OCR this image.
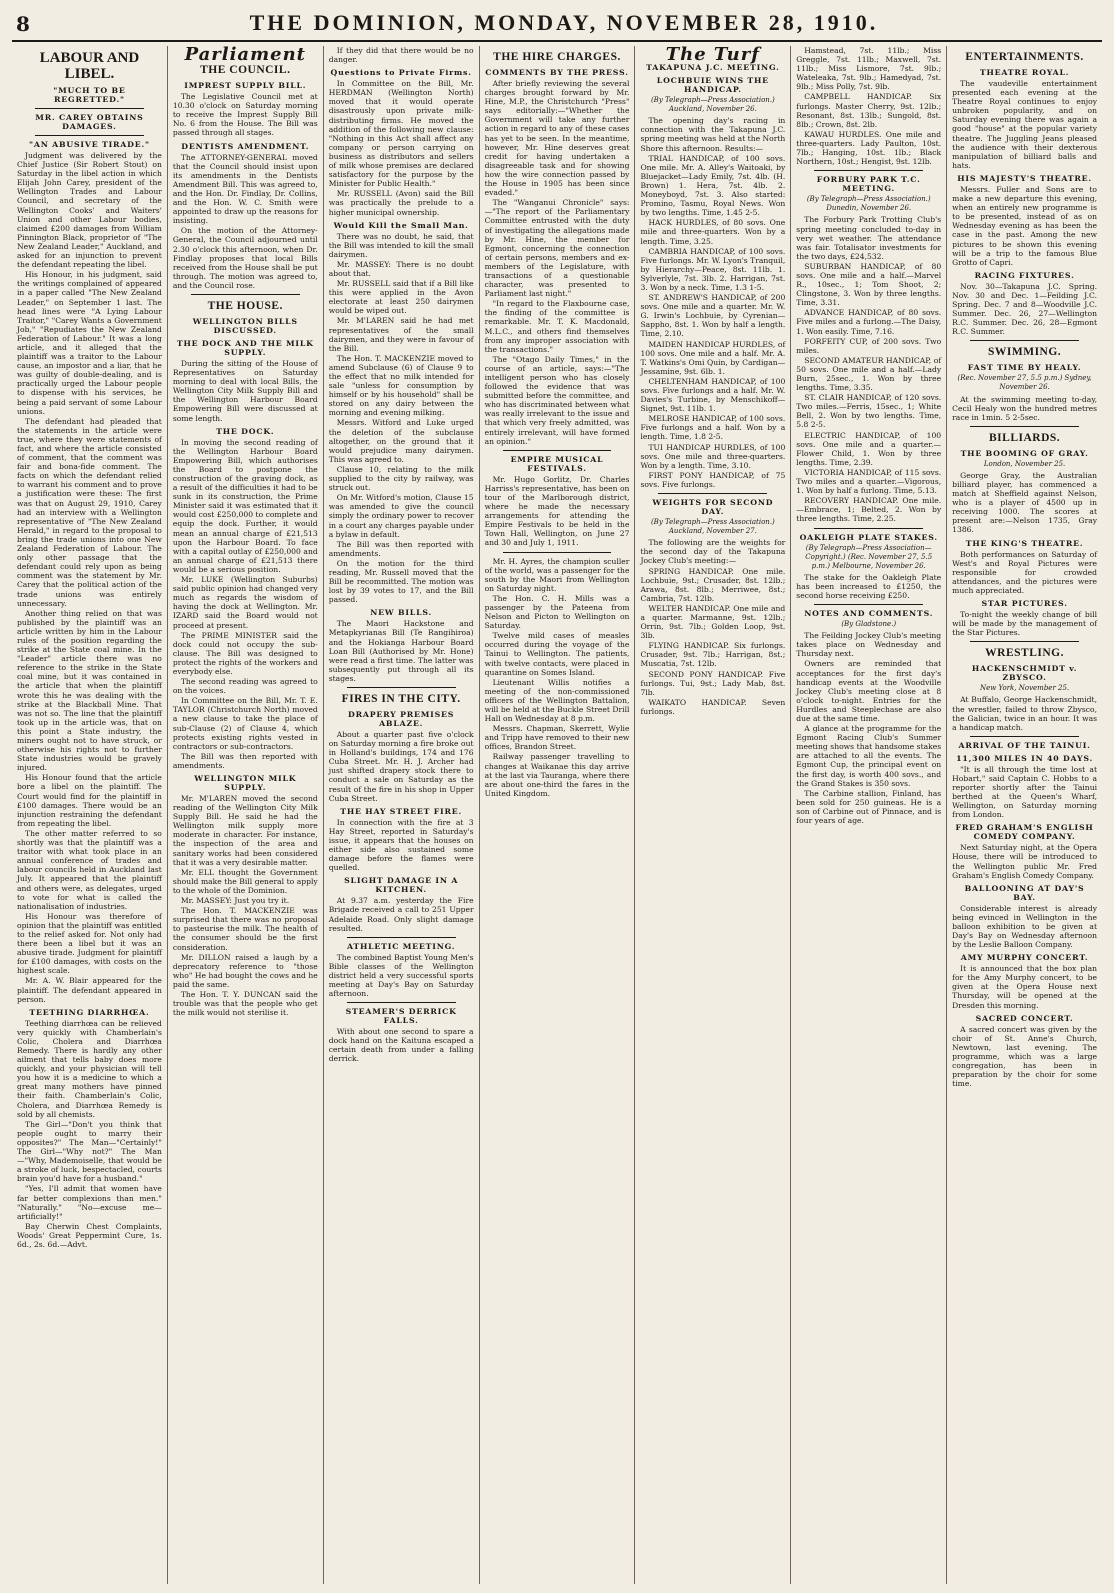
8	THE DOMINION, MONDAY, NOVEMBER 28, 1910.
LABOUR AND LIBEL.
"MUCH TO BE REGRETTED."
MR. CAREY OBTAINS DAMAGES.
"AN ABUSIVE TIRADE."

Judgment was delivered by the Chief Justice (Sir Robert Stout) on Saturday in the libel action in which Elijah John Carey, president of the Wellington Trades and Labour Council, and secretary of the Wellington Cooks' and Waiters' Union and other Labour bodies, claimed £200 damages from William Pinnington Black, proprietor of "The New Zealand Leader," Auckland, and asked for an injunction to prevent the defendant repeating the libel.

His Honour, in his judgment, said the writings complained of appeared in a paper called "The New Zealand Leader," on September 1 last. The head lines were "A Lying Labour Traitor," "Carey Wants a Government Job," "Repudiates the New Zealand Federation of Labour." It was a long article, and it alleged that the plaintiff was a traitor to the Labour cause, an impostor and a liar, that he was guilty of double-dealing, and is practically urged the Labour people to dispense with his services, he being a paid servant of some Labour unions.

The defendant had pleaded that the statements in the article were true, where they were statements of fact, and where the article consisted of comment, that the comment was fair and bona-fide comment. The facts on which the defendant relied to warrant his comment and to prove a justification were these: The first was that on August 29, 1910, Carey had an interview with a Wellington representative of "The New Zealand Herald," in regard to the proposal to bring the trade unions into one New Zealand Federation of Labour. The only other passage that the defendant could rely upon as being comment was the statement by Mr. Carey that the political action of the trade unions was entirely unnecessary.

Another thing relied on that was published by the plaintiff was an article written by him in the Labour rules of the position regarding the strike at the State coal mine. In the "Leader" article there was no reference to the strike in the State coal mine, but it was contained in the article that when the plaintiff wrote this he was dealing with the strike at the Blackball Mine. That was not so. The line that the plaintiff took up in the article was, that on this point a State industry, the miners ought not to have struck, or otherwise his rights not to further State industries would be gravely injured.

His Honour found that the article bore a libel on the plaintiff. The Court would find for the plaintiff in £100 damages. There would be an injunction restraining the defendant from repeating the libel.

The other matter referred to so shortly was that the plaintiff was a traitor with what took place in an annual conference of trades and labour councils held in Auckland last July. It appeared that the plaintiff and others were, as delegates, urged to vote for what is called the nationalisation of industries.

His Honour was therefore of opinion that the plaintiff was entitled to the relief asked for. Not only had there been a libel but it was an abusive tirade. Judgment for plaintiff for £100 damages, with costs on the highest scale.

Mr. A. W. Blair appeared for the plaintiff. The defendant appeared in person.

TEETHING DIARRHŒA.

Teething diarrhœa can be relieved very quickly with Chamberlain's Colic, Cholera and Diarrhœa Remedy. There is hardly any other ailment that tells baby does more quickly, and your physician will tell you how it is a medicine to which a great many mothers have pinned their faith. Chamberlain's Colic, Cholera, and Diarrhœa Remedy is sold by all chemists.

The Girl—"Don't you think that people ought to marry their opposites?" The Man—"Certainly!" The Girl—"Why not?" The Man—"Why, Mademoiselle, that would be a stroke of luck, bespectacled, courts brain you'd have for a husband."

"Yes, I'll admit that women have far better complexions than men." "Naturally." "No—excuse me—artificially!"

Bay Cherwin Chest Complaints, Woods' Great Peppermint Cure, 1s. 6d., 2s. 6d.—Advt.

Parliament
THE COUNCIL.
IMPREST SUPPLY BILL.

The Legislative Council met at 10.30 o'clock on Saturday morning to receive the Imprest Supply Bill No. 6 from the House. The Bill was passed through all stages.

DENTISTS AMENDMENT.

The ATTORNEY-GENERAL moved that the Council should insist upon its amendments in the Dentists Amendment Bill. This was agreed to, and the Hon. Dr. Findlay, Dr. Collins, and the Hon. W. C. Smith were appointed to draw up the reasons for insisting.

On the motion of the Attorney-General, the Council adjourned until 2.30 o'clock this afternoon, when Dr. Findlay proposes that local Bills received from the House shall be put through. The motion was agreed to, and the Council rose.

THE HOUSE.
WELLINGTON BILLS DISCUSSED.
THE DOCK AND THE MILK SUPPLY.

During the sitting of the House of Representatives on Saturday morning to deal with local Bills, the Wellington City Milk Supply Bill and the Wellington Harbour Board Empowering Bill were discussed at some length.

THE DOCK.

In moving the second reading of the Wellington Harbour Board Empowering Bill, which authorises the Board to postpone the construction of the graving dock, as a result of the difficulties it had to be sunk in its construction, the Prime Minister said it was estimated that it would cost £250,000 to complete and equip the dock. Further, it would mean an annual charge of £21,513 upon the Harbour Board. To face with a capital outlay of £250,000 and an annual charge of £21,513 there would be a serious position.

Mr. LUKE (Wellington Suburbs) said public opinion had changed very much as regards the wisdom of having the dock at Wellington. Mr. IZARD said the Board would not proceed at present.

The PRIME MINISTER said the dock could not occupy the sub-clause. The Bill was designed to protect the rights of the workers and everybody else.

The second reading was agreed to on the voices.

In Committee on the Bill, Mr. T. E. TAYLOR (Christchurch North) moved a new clause to take the place of sub-Clause (2) of Clause 4, which protects existing rights vested in contractors or sub-contractors.

The Bill was then reported with amendments.

WELLINGTON MILK SUPPLY.

Mr. M'LAREN moved the second reading of the Wellington City Milk Supply Bill. He said he had the Wellington milk supply more moderate in character. For instance, the inspection of the area and sanitary works had been considered that it was a very desirable matter.

Mr. ELL thought the Government should make the Bill general to apply to the whole of the Dominion.

Mr. MASSEY: Just you try it.

The Hon. T. MACKENZIE was surprised that there was no proposal to pasteurise the milk. The health of the consumer should be the first consideration.

Mr. DILLON raised a laugh by a deprecatory reference to "those who" He had bought the cows and he paid the same.

The Hon. T. Y. DUNCAN said the trouble was that the people who get the milk would not sterilise it.

If they did that there would be no danger.

Questions to Private Firms.

In Committee on the Bill, Mr. HERDMAN (Wellington North) moved that it would operate disastrously upon private milk-distributing firms. He moved the addition of the following new clause: "Nothing in this Act shall affect any company or person carrying on business as distributors and sellers of milk whose premises are declared satisfactory for the purpose by the Minister for Public Health."

Mr. RUSSELL (Avon) said the Bill was practically the prelude to a higher municipal ownership.

Would Kill the Small Man.

There was no doubt, he said, that the Bill was intended to kill the small dairymen.

Mr. MASSEY: There is no doubt about that.

Mr. RUSSELL said that if a Bill like this were applied in the Avon electorate at least 250 dairymen would be wiped out.

Mr. M'LAREN said he had met representatives of the small dairymen, and they were in favour of the Bill.

The Hon. T. MACKENZIE moved to amend Subclause (6) of Clause 9 to the effect that no milk intended for sale "unless for consumption by himself or by his household" shall be stored on any dairy between the morning and evening milking.

Messrs. Witford and Luke urged the deletion of the subclause altogether, on the ground that it would prejudice many dairymen. This was agreed to.

Clause 10, relating to the milk supplied to the city by railway, was struck out.

On Mr. Witford's motion, Clause 15 was amended to give the council simply the ordinary power to recover in a court any charges payable under a bylaw in default.

The Bill was then reported with amendments.

On the motion for the third reading, Mr. Russell moved that the Bill be recommitted. The motion was lost by 39 votes to 17, and the Bill passed.

NEW BILLS.

The Maori Hackstone and Metapkyrianas Bill (Te Rangihiroa) and the Hokianga Harbour Board Loan Bill (Authorised by Mr. Hone) were read a first time. The latter was subsequently put through all its stages.

FIRES IN THE CITY.
DRAPERY PREMISES ABLAZE.

About a quarter past five o'clock on Saturday morning a fire broke out in Holland's buildings, 174 and 176 Cuba Street. Mr. H. J. Archer had just shifted drapery stock there to conduct a sale on Saturday as the result of the fire in his shop in Upper Cuba Street.

THE HAY STREET FIRE.

In connection with the fire at 3 Hay Street, reported in Saturday's issue, it appears that the houses on either side also sustained some damage before the flames were quelled.

SLIGHT DAMAGE IN A KITCHEN.

At 9.37 a.m. yesterday the Fire Brigade received a call to 251 Upper Adelaide Road. Only slight damage resulted.

ATHLETIC MEETING.

The combined Baptist Young Men's Bible classes of the Wellington district held a very successful sports meeting at Day's Bay on Saturday afternoon.

STEAMER'S DERRICK FALLS.

With about one second to spare a dock hand on the Kaituna escaped a certain death from under a falling derrick.

THE HIRE CHARGES.
COMMENTS BY THE PRESS.

After briefly reviewing the several charges brought forward by Mr. Hine, M.P., the Christchurch "Press" says editorially:—"Whether the Government will take any further action in regard to any of these cases has yet to be seen. In the meantime, however, Mr. Hine deserves great credit for having undertaken a disagreeable task and for showing how the wire connection passed by the House in 1905 has been since evaded."

The "Wanganui Chronicle" says:—"The report of the Parliamentary Committee entrusted with the duty of investigating the allegations made by Mr. Hine, the member for Egmont, concerning the connection of certain persons, members and ex-members of the Legislature, with transactions of a questionable character, was presented to Parliament last night."

"In regard to the Flaxbourne case, the finding of the committee is remarkable. Mr. T. K. Macdonald, M.L.C., and others find themselves from any improper association with the transactions."

The "Otago Daily Times," in the course of an article, says:—"The intelligent person who has closely followed the evidence that was submitted before the committee, and who has discriminated between what was really irrelevant to the issue and that which very freely admitted, was entirely irrelevant, will have formed an opinion."

EMPIRE MUSICAL FESTIVALS.

Mr. Hugo Gorlitz, Dr. Charles Harriss's representative, has been on tour of the Marlborough district, where he made the necessary arrangements for attending the Empire Festivals to be held in the Town Hall, Wellington, on June 27 and 30 and July 1, 1911.

Mr. H. Ayres, the champion sculler of the world, was a passenger for the south by the Maori from Wellington on Saturday night.

The Hon. C. H. Mills was a passenger by the Pateena from Nelson and Picton to Wellington on Saturday.

Twelve mild cases of measles occurred during the voyage of the Tainui to Wellington. The patients, with twelve contacts, were placed in quarantine on Somes Island.

Lieutenant Willis notifies a meeting of the non-commissioned officers of the Wellington Battalion, will be held at the Buckle Street Drill Hall on Wednesday at 8 p.m.

Messrs. Chapman, Skerrett, Wylie and Tripp have removed to their new offices, Brandon Street.

Railway passenger travelling to changes at Waikanae this day arrive at the last via Tauranga, where there are about one-third the fares in the United Kingdom.

The Turf
TAKAPUNA J.C. MEETING.
LOCHBUIE WINS THE HANDICAP.
(By Telegraph—Press Association.) Auckland, November 26.

The opening day's racing in connection with the Takapuna J.C. spring meeting was held at the North Shore this afternoon. Results:—

TRIAL HANDICAP, of 100 sovs. One mile. Mr. A. Alley's Waitoaki, by Bluejacket—Lady Emily, 7st. 4lb. (H. Brown) 1. Hera, 7st. 4lb. 2. Moneyboyd, 7st. 3. Also started: Promino, Tasmu, Royal News. Won by two lengths. Time, 1.45 2-5.

HACK HURDLES, of 80 sovs. One mile and three-quarters. Won by a length. Time, 3.25.

CAMBRIA HANDICAP, of 100 sovs. Five furlongs. Mr. W. Lyon's Tranquil, by Hierarchy—Peace, 8st. 11lb. 1. Sylverlyle, 7st. 3lb. 2. Harrigan, 7st. 3. Won by a neck. Time, 1.3 1-5.

ST. ANDREW'S HANDICAP, of 200 sovs. One mile and a quarter. Mr. W. G. Irwin's Lochbuie, by Cyrenian—Sappho, 8st. 1. Won by half a length. Time, 2.10.

MAIDEN HANDICAP HURDLES, of 100 sovs. One mile and a half. Mr. A. T. Watkins's Omi Quin, by Cardigan—Jessamine, 9st. 6lb. 1.

CHELTENHAM HANDICAP, of 100 sovs. Five furlongs and a half. Mr. W. Davies's Turbine, by Menschikoff—Signet, 9st. 11lb. 1.

MELROSE HANDICAP, of 100 sovs. Five furlongs and a half. Won by a length. Time, 1.8 2-5.

TUI HANDICAP HURDLES, of 100 sovs. One mile and three-quarters. Won by a length. Time, 3.10.

FIRST PONY HANDICAP, of 75 sovs. Five furlongs.

WEIGHTS FOR SECOND DAY.
(By Telegraph—Press Association.) Auckland, November 27.

The following are the weights for the second day of the Takapuna Jockey Club's meeting:—

SPRING HANDICAP. One mile. Lochbuie, 9st.; Crusader, 8st. 12lb.; Arawa, 8st. 8lb.; Merriwee, 8st.; Cambria, 7st. 12lb.

WELTER HANDICAP. One mile and a quarter. Marmanne, 9st. 12lb.; Orrin, 9st. 7lb.; Golden Loop, 9st. 3lb.

FLYING HANDICAP. Six furlongs. Crusader, 9st. 7lb.; Harrigan, 8st.; Muscatia, 7st. 12lb.

SECOND PONY HANDICAP. Five furlongs. Tui, 9st.; Lady Mab, 8st. 7lb.

WAIKATO HANDICAP. Seven furlongs.

Hamstead, 7st. 11lb.; Miss Greggle, 7st. 11lb.; Maxwell, 7st. 11lb.; Miss Lismore, 7st. 9lb.; Wateleaka, 7st. 9lb.; Hamedyad, 7st. 9lb.; Miss Polly, 7st. 9lb.

CAMPBELL HANDICAP. Six furlongs. Master Cherry, 9st. 12lb.; Resonant, 8st. 13lb.; Sungold, 8st. 8lb.; Crown, 8st. 2lb.

KAWAU HURDLES. One mile and three-quarters. Lady Paulton, 10st. 7lb.; Hanging, 10st. 1lb.; Black Northern, 10st.; Hengist, 9st. 12lb.

FORBURY PARK T.C. MEETING.
(By Telegraph—Press Association.) Dunedin, November 26.

The Forbury Park Trotting Club's spring meeting concluded to-day in very wet weather. The attendance was fair. Totalisator investments for the two days, £24,532.

SUBURBAN HANDICAP, of 80 sovs. One mile and a half.—Marvel R., 10sec., 1; Tom Shoot, 2; Clingstone, 3. Won by three lengths. Time, 3.31.

ADVANCE HANDICAP, of 80 sovs. Five miles and a furlong.—The Daisy, 1. Won easily. Time, 7.16.

FORFEITY CUP, of 200 sovs. Two miles.

SECOND AMATEUR HANDICAP, of 50 sovs. One mile and a half.—Lady Burn, 25sec., 1. Won by three lengths. Time, 3.35.

ST. CLAIR HANDICAP, of 120 sovs. Two miles.—Ferris, 15sec., 1; White Bell, 2. Won by two lengths. Time, 5.8 2-5.

ELECTRIC HANDICAP, of 100 sovs. One mile and a quarter.—Flower Child, 1. Won by three lengths. Time, 2.39.

VICTORIA HANDICAP, of 115 sovs. Two miles and a quarter.—Vigorous, 1. Won by half a furlong. Time, 5.13.

RECOVERY HANDICAP. One mile.—Embrace, 1; Belted, 2. Won by three lengths. Time, 2.25.

OAKLEIGH PLATE STAKES.
(By Telegraph—Press Association—Copyright.) (Rec. November 27, 5.5 p.m.) Melbourne, November 26.

The stake for the Oakleigh Plate has been increased to £1250, the second horse receiving £250.

NOTES AND COMMENTS.
(By Gladstone.)

The Feilding Jockey Club's meeting takes place on Wednesday and Thursday next.

Owners are reminded that acceptances for the first day's handicap events at the Woodville Jockey Club's meeting close at 8 o'clock to-night. Entries for the Hurdles and Steeplechase are also due at the same time.

A glance at the programme for the Egmont Racing Club's Summer meeting shows that handsome stakes are attached to all the events. The Egmont Cup, the principal event on the first day, is worth 400 sovs., and the Grand Stakes is 350 sovs.

The Carbine stallion, Finland, has been sold for 250 guineas. He is a son of Carbine out of Pinnace, and is four years of age.

ENTERTAINMENTS.
THEATRE ROYAL.

The vaudeville entertainment presented each evening at the Theatre Royal continues to enjoy unbroken popularity, and on Saturday evening there was again a good "house" at the popular variety theatre. The Juggling Jeans pleased the audience with their dexterous manipulation of billiard balls and hats.

HIS MAJESTY'S THEATRE.

Messrs. Fuller and Sons are to make a new departure this evening, when an entirely new programme is to be presented, instead of as on Wednesday evening as has been the case in the past. Among the new pictures to be shown this evening will be a trip to the famous Blue Grotto of Capri.

RACING FIXTURES.

Nov. 30—Takapuna J.C. Spring. Nov. 30 and Dec. 1—Feilding J.C. Spring. Dec. 7 and 8—Woodville J.C. Summer. Dec. 26, 27—Wellington R.C. Summer. Dec. 26, 28—Egmont R.C. Summer.

SWIMMING.
FAST TIME BY HEALY.
(Rec. November 27, 5.5 p.m.) Sydney, November 26.

At the swimming meeting to-day, Cecil Healy won the hundred metres race in 1min. 5 2-5sec.

BILLIARDS.
THE BOOMING OF GRAY.
London, November 25.

George Gray, the Australian billiard player, has commenced a match at Sheffield against Nelson, who is a player of 4500 up in receiving 1000. The scores at present are:—Nelson 1735, Gray 1386.

THE KING'S THEATRE.

Both performances on Saturday of West's and Royal Pictures were responsible for crowded attendances, and the pictures were much appreciated.

STAR PICTURES.

To-night the weekly change of bill will be made by the management of the Star Pictures.

WRESTLING.
HACKENSCHMIDT v. ZBYSCO.
New York, November 25.

At Buffalo, George Hackenschmidt, the wrestler, failed to throw Zbysco, the Galician, twice in an hour. It was a handicap match.

ARRIVAL OF THE TAINUI.
11,300 MILES IN 40 DAYS.

"It is all through the time lost at Hobart," said Captain C. Hobbs to a reporter shortly after the Tainui berthed at the Queen's Wharf, Wellington, on Saturday morning from London.

FRED GRAHAM'S ENGLISH COMEDY COMPANY.

Next Saturday night, at the Opera House, there will be introduced to the Wellington public Mr. Fred Graham's English Comedy Company.

BALLOONING AT DAY'S BAY.

Considerable interest is already being evinced in Wellington in the balloon exhibition to be given at Day's Bay on Wednesday afternoon by the Leslie Balloon Company.

AMY MURPHY CONCERT.

It is announced that the box plan for the Amy Murphy concert, to be given at the Opera House next Thursday, will be opened at the Dresden this morning.

SACRED CONCERT.

A sacred concert was given by the choir of St. Anne's Church, Newtown, last evening. The programme, which was a large congregation, has been in preparation by the choir for some time.
